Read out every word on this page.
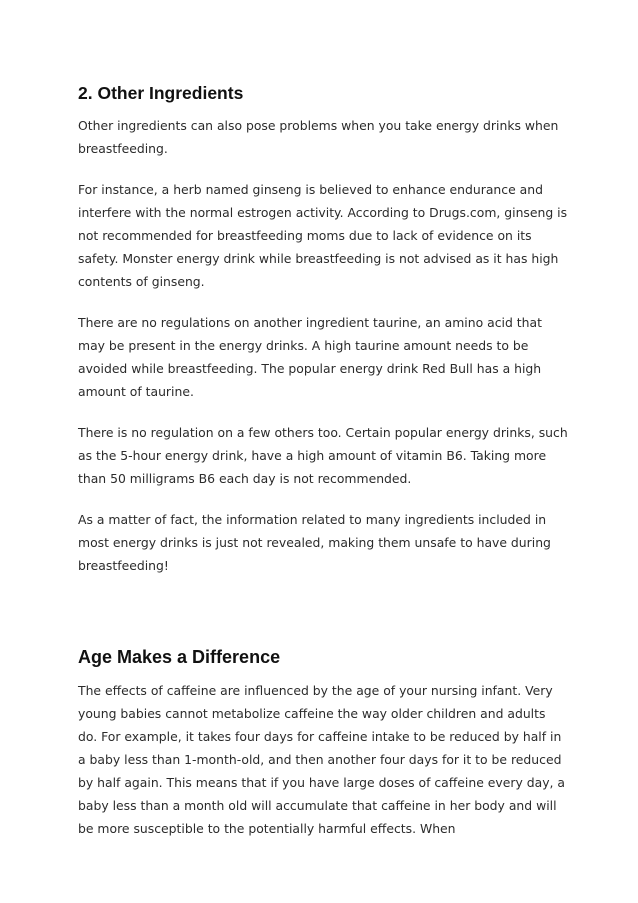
2. Other Ingredients

Other ingredients can also pose problems when you take energy drinks when breastfeeding.

For instance, a herb named ginseng is believed to enhance endurance and interfere with the normal estrogen activity. According to Drugs.com, ginseng is not recommended for breastfeeding moms due to lack of evidence on its safety. Monster energy drink while breastfeeding is not advised as it has high contents of ginseng.

There are no regulations on another ingredient taurine, an amino acid that may be present in the energy drinks. A high taurine amount needs to be avoided while breastfeeding. The popular energy drink Red Bull has a high amount of taurine.

There is no regulation on a few others too. Certain popular energy drinks, such as the 5-hour energy drink, have a high amount of vitamin B6. Taking more than 50 milligrams B6 each day is not recommended.

As a matter of fact, the information related to many ingredients included in most energy drinks is just not revealed, making them unsafe to have during breastfeeding!

Age Makes a Difference

The effects of caffeine are influenced by the age of your nursing infant. Very young babies cannot metabolize caffeine the way older children and adults do. For example, it takes four days for caffeine intake to be reduced by half in a baby less than 1-month-old, and then another four days for it to be reduced by half again. This means that if you have large doses of caffeine every day, a baby less than a month old will accumulate that caffeine in her body and will be more susceptible to the potentially harmful effects. When
